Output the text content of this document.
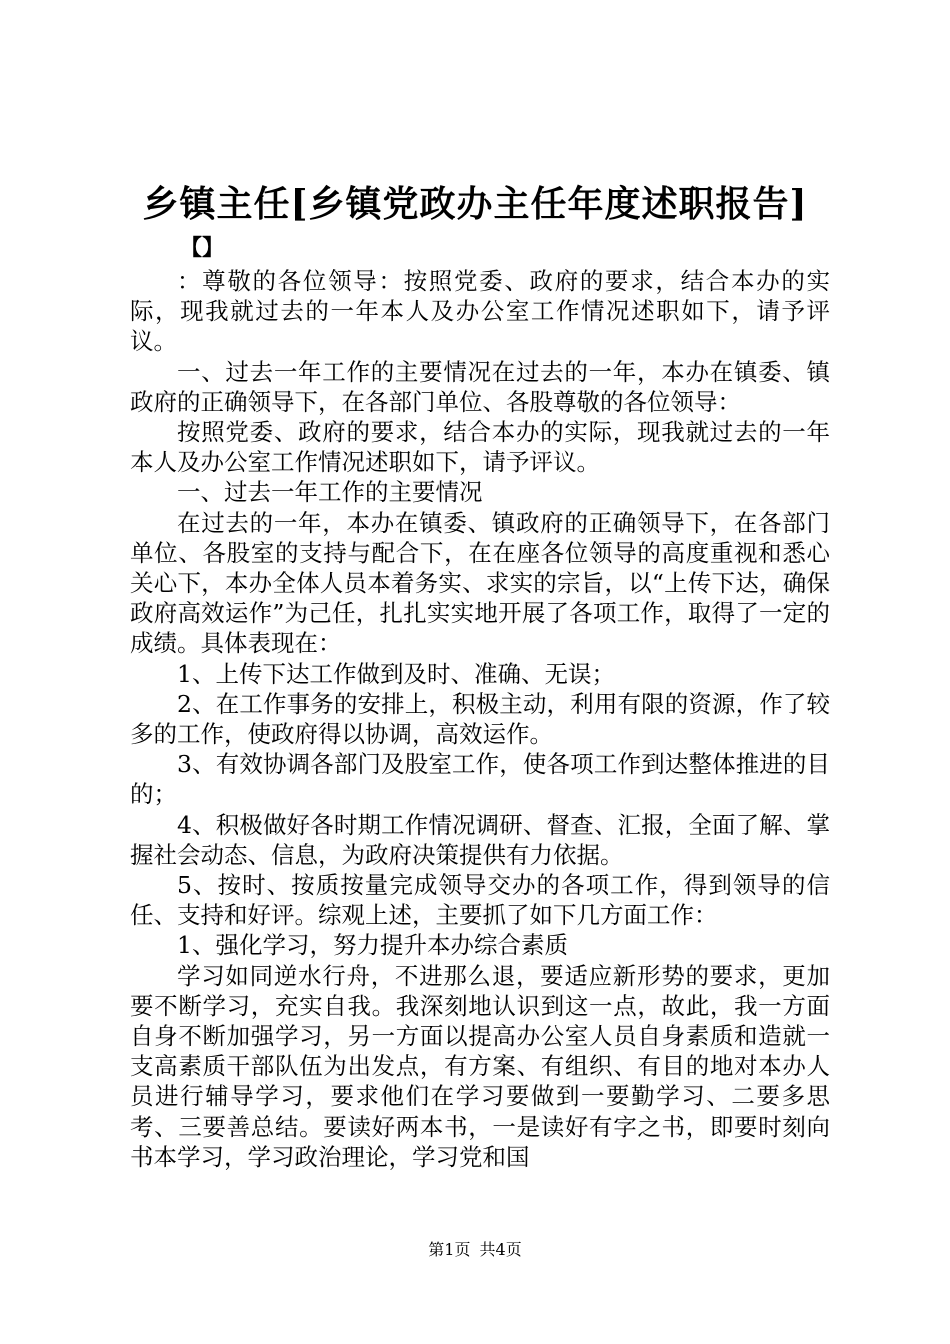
乡镇主任[乡镇党政办主任年度述职报告]
【】

：尊敬的各位领导：按照党委、政府的要求，结合本办的实际，现我就过去的一年本人及办公室工作情况述职如下，请予评议。

一、过去一年工作的主要情况在过去的一年，本办在镇委、镇政府的正确领导下，在各部门单位、各股尊敬的各位领导：

按照党委、政府的要求，结合本办的实际，现我就过去的一年本人及办公室工作情况述职如下，请予评议。

一、过去一年工作的主要情况

在过去的一年，本办在镇委、镇政府的正确领导下，在各部门单位、各股室的支持与配合下，在在座各位领导的高度重视和悉心关心下，本办全体人员本着务实、求实的宗旨，以“上传下达，确保政府高效运作”为己任，扎扎实实地开展了各项工作，取得了一定的成绩。具体表现在：

1、上传下达工作做到及时、准确、无误；

2、在工作事务的安排上，积极主动，利用有限的资源，作了较多的工作，使政府得以协调，高效运作。

3、有效协调各部门及股室工作，使各项工作到达整体推进的目的；

4、积极做好各时期工作情况调研、督查、汇报，全面了解、掌握社会动态、信息，为政府决策提供有力依据。

5、按时、按质按量完成领导交办的各项工作，得到领导的信任、支持和好评。综观上述，主要抓了如下几方面工作：

1、强化学习，努力提升本办综合素质

学习如同逆水行舟，不进那么退，要适应新形势的要求，更加要不断学习，充实自我。我深刻地认识到这一点，故此，我一方面自身不断加强学习，另一方面以提高办公室人员自身素质和造就一支高素质干部队伍为出发点，有方案、有组织、有目的地对本办人员进行辅导学习，要求他们在学习要做到一要勤学习、二要多思考、三要善总结。要读好两本书，一是读好有字之书，即要时刻向书本学习，学习政治理论，学习党和国

第1页 共4页
